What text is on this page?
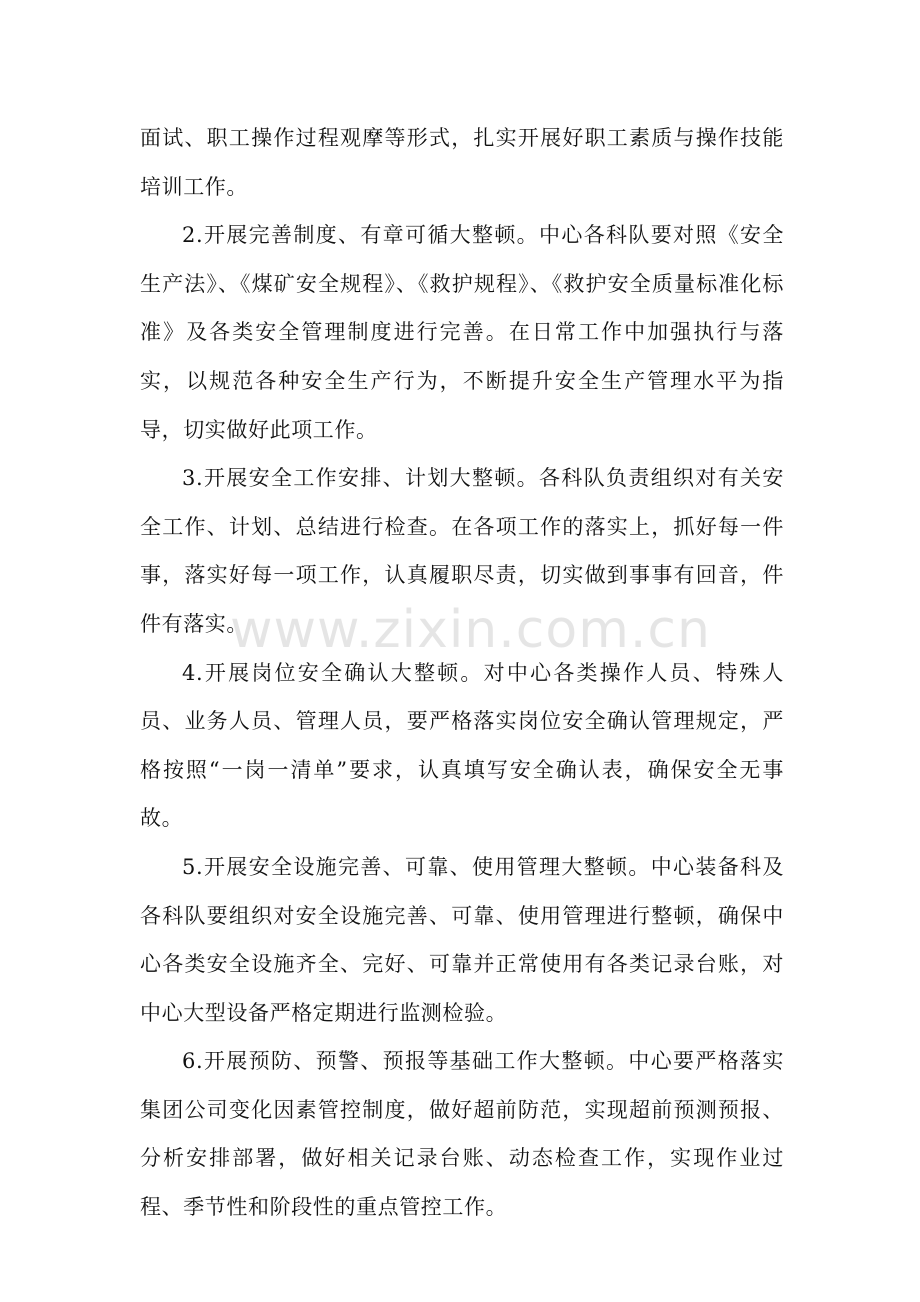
面试、职工操作过程观摩等形式，扎实开展好职工素质与操作技能培训工作。

2.开展完善制度、有章可循大整顿。中心各科队要对照《安全生产法》、《煤矿安全规程》、《救护规程》、《救护安全质量标准化标准》及各类安全管理制度进行完善。在日常工作中加强执行与落实，以规范各种安全生产行为，不断提升安全生产管理水平为指导，切实做好此项工作。

3.开展安全工作安排、计划大整顿。各科队负责组织对有关安全工作、计划、总结进行检查。在各项工作的落实上，抓好每一件事，落实好每一项工作，认真履职尽责，切实做到事事有回音，件件有落实。

4.开展岗位安全确认大整顿。对中心各类操作人员、特殊人员、业务人员、管理人员，要严格落实岗位安全确认管理规定，严格按照“一岗一清单”要求，认真填写安全确认表，确保安全无事故。

5.开展安全设施完善、可靠、使用管理大整顿。中心装备科及各科队要组织对安全设施完善、可靠、使用管理进行整顿，确保中心各类安全设施齐全、完好、可靠并正常使用有各类记录台账，对中心大型设备严格定期进行监测检验。

6.开展预防、预警、预报等基础工作大整顿。中心要严格落实集团公司变化因素管控制度，做好超前防范，实现超前预测预报、分析安排部署，做好相关记录台账、动态检查工作，实现作业过程、季节性和阶段性的重点管控工作。

www.zixin.com.cn
